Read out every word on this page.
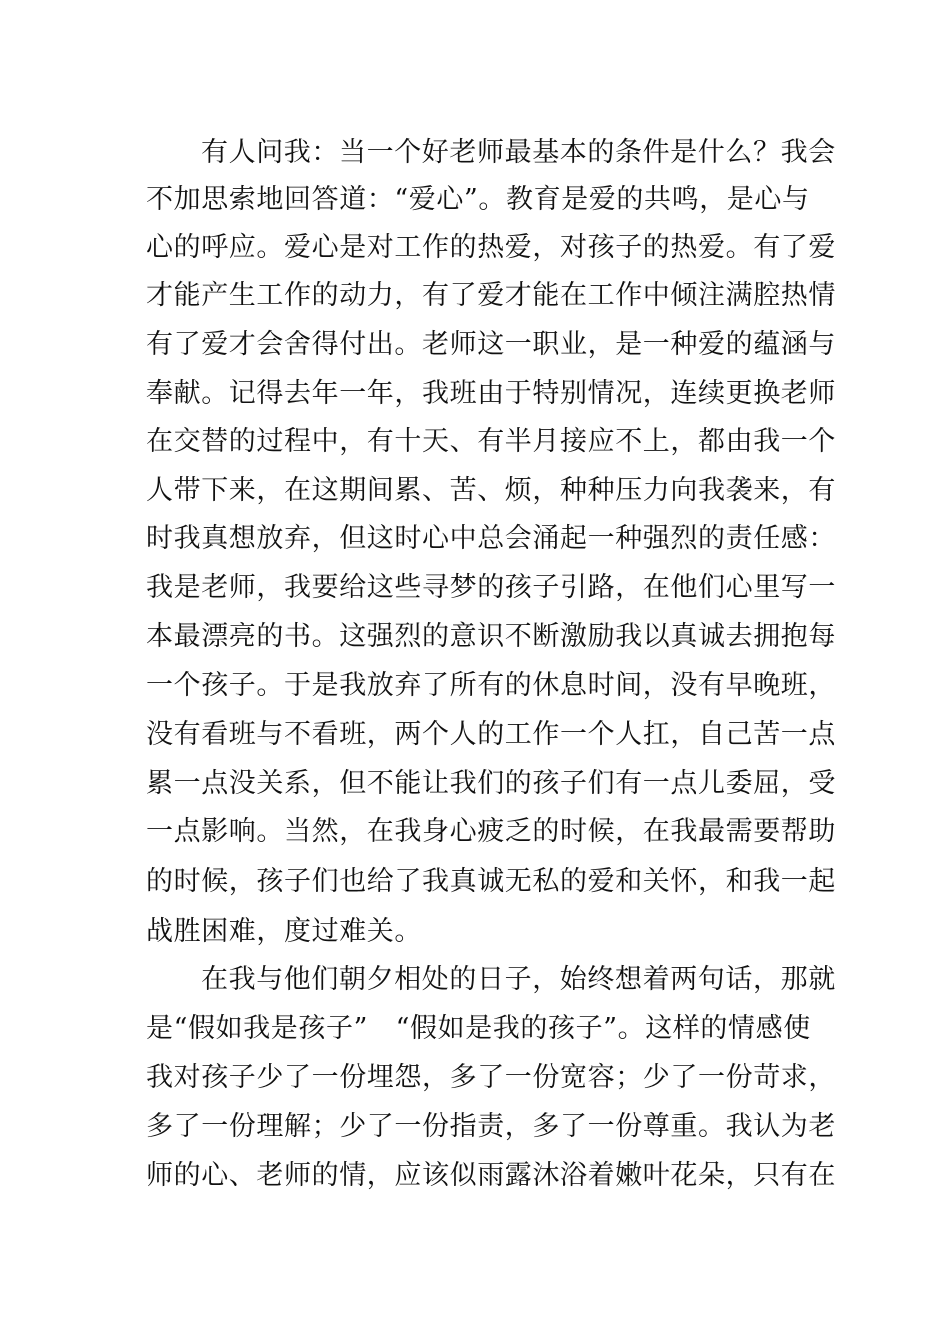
有人问我：当一个好老师最基本的条件是什么？我会
不加思索地回答道：“爱心”。教育是爱的共鸣，是心与
心的呼应。爱心是对工作的热爱，对孩子的热爱。有了爱
才能产生工作的动力，有了爱才能在工作中倾注满腔热情
有了爱才会舍得付出。老师这一职业，是一种爱的蕴涵与
奉献。记得去年一年，我班由于特别情况，连续更换老师
在交替的过程中，有十天、有半月接应不上，都由我一个
人带下来，在这期间累、苦、烦，种种压力向我袭来，有
时我真想放弃，但这时心中总会涌起一种强烈的责任感：
我是老师，我要给这些寻梦的孩子引路，在他们心里写一
本最漂亮的书。这强烈的意识不断激励我以真诚去拥抱每
一个孩子。于是我放弃了所有的休息时间，没有早晚班，
没有看班与不看班，两个人的工作一个人扛，自己苦一点
累一点没关系，但不能让我们的孩子们有一点儿委屈，受
一点影响。当然，在我身心疲乏的时候，在我最需要帮助
的时候，孩子们也给了我真诚无私的爱和关怀，和我一起
战胜困难，度过难关。
在我与他们朝夕相处的日子，始终想着两句话，那就
是“假如我是孩子”　“假如是我的孩子”。这样的情感使
我对孩子少了一份埋怨，多了一份宽容；少了一份苛求，
多了一份理解；少了一份指责，多了一份尊重。我认为老
师的心、老师的情，应该似雨露沐浴着嫩叶花朵，只有在
